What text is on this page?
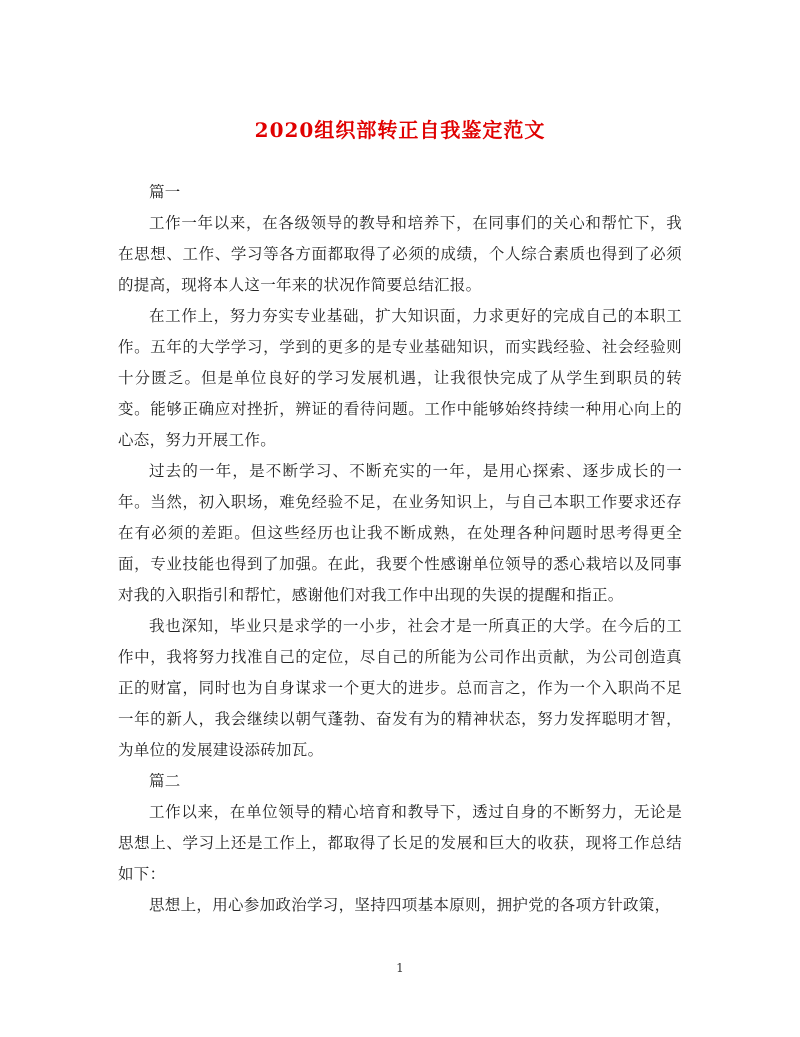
2020组织部转正自我鉴定范文

篇一

工作一年以来，在各级领导的教导和培养下，在同事们的关心和帮忙下，我在思想、工作、学习等各方面都取得了必须的成绩，个人综合素质也得到了必须的提高，现将本人这一年来的状况作简要总结汇报。

在工作上，努力夯实专业基础，扩大知识面，力求更好的完成自己的本职工作。五年的大学学习，学到的更多的是专业基础知识，而实践经验、社会经验则十分匮乏。但是单位良好的学习发展机遇，让我很快完成了从学生到职员的转变。能够正确应对挫折，辨证的看待问题。工作中能够始终持续一种用心向上的心态，努力开展工作。

过去的一年，是不断学习、不断充实的一年，是用心探索、逐步成长的一年。当然，初入职场，难免经验不足，在业务知识上，与自己本职工作要求还存在有必须的差距。但这些经历也让我不断成熟，在处理各种问题时思考得更全面，专业技能也得到了加强。在此，我要个性感谢单位领导的悉心栽培以及同事对我的入职指引和帮忙，感谢他们对我工作中出现的失误的提醒和指正。

我也深知，毕业只是求学的一小步，社会才是一所真正的大学。在今后的工作中，我将努力找准自己的定位，尽自己的所能为公司作出贡献，为公司创造真正的财富，同时也为自身谋求一个更大的进步。总而言之，作为一个入职尚不足一年的新人，我会继续以朝气蓬勃、奋发有为的精神状态，努力发挥聪明才智，为单位的发展建设添砖加瓦。

篇二

工作以来，在单位领导的精心培育和教导下，透过自身的不断努力，无论是思想上、学习上还是工作上，都取得了长足的发展和巨大的收获，现将工作总结如下：

思想上，用心参加政治学习，坚持四项基本原则，拥护党的各项方针政策，

1
